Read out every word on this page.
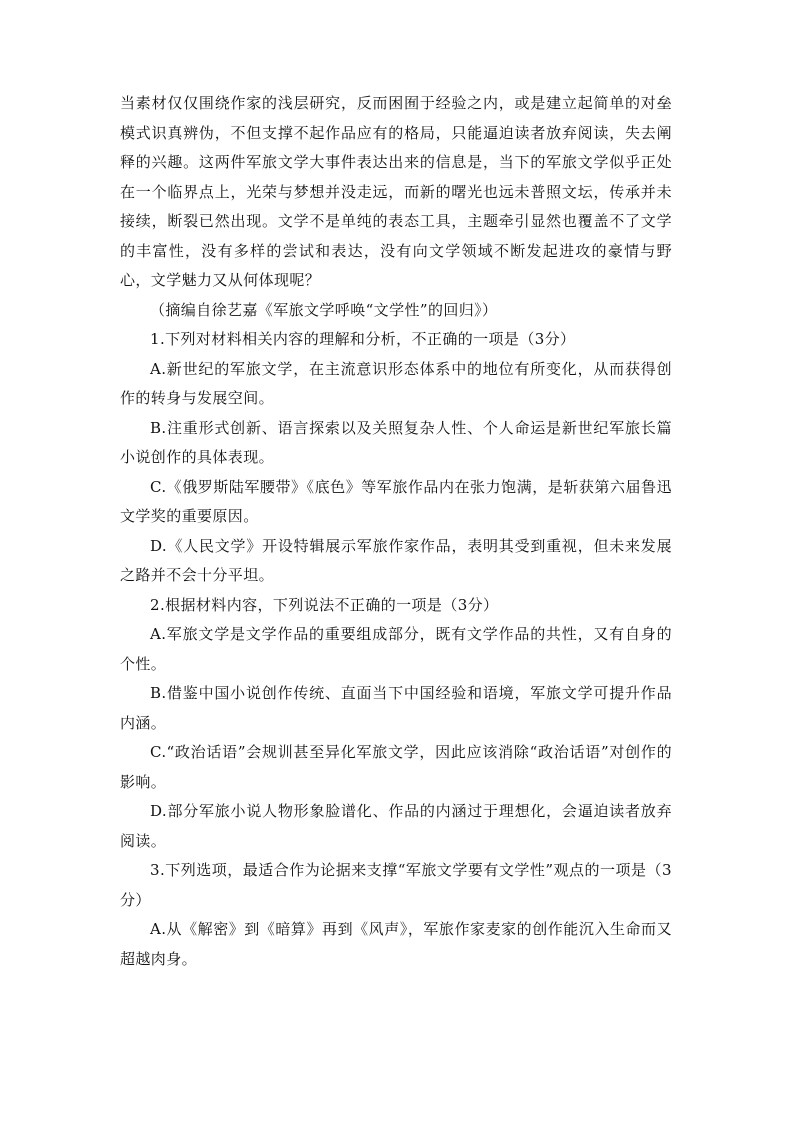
当素材仅仅围绕作家的浅层研究，反而困囿于经验之内，或是建立起简单的对垒模式识真辨伪，不但支撑不起作品应有的格局，只能逼迫读者放弃阅读，失去阐释的兴趣。这两件军旅文学大事件表达出来的信息是，当下的军旅文学似乎正处在一个临界点上，光荣与梦想并没走远，而新的曙光也远未普照文坛，传承并未接续，断裂已然出现。文学不是单纯的表态工具，主题牵引显然也覆盖不了文学的丰富性，没有多样的尝试和表达，没有向文学领域不断发起进攻的豪情与野心，文学魅力又从何体现呢？

（摘编自徐艺嘉《军旅文学呼唤“文学性”的回归》）

1.下列对材料相关内容的理解和分析，不正确的一项是（3分）

A.新世纪的军旅文学，在主流意识形态体系中的地位有所变化，从而获得创作的转身与发展空间。

B.注重形式创新、语言探索以及关照复杂人性、个人命运是新世纪军旅长篇小说创作的具体表现。

C.《俄罗斯陆军腰带》《底色》等军旅作品内在张力饱满，是斩获第六届鲁迅文学奖的重要原因。

D.《人民文学》开设特辑展示军旅作家作品，表明其受到重视，但未来发展之路并不会十分平坦。

2.根据材料内容，下列说法不正确的一项是（3分）

A.军旅文学是文学作品的重要组成部分，既有文学作品的共性，又有自身的个性。

B.借鉴中国小说创作传统、直面当下中国经验和语境，军旅文学可提升作品内涵。

C.“政治话语”会规训甚至异化军旅文学，因此应该消除“政治话语”对创作的影响。

D.部分军旅小说人物形象脸谱化、作品的内涵过于理想化，会逼迫读者放弃阅读。

3.下列选项，最适合作为论据来支撑“军旅文学要有文学性”观点的一项是（3分）

A.从《解密》到《暗算》再到《风声》，军旅作家麦家的创作能沉入生命而又超越肉身。
